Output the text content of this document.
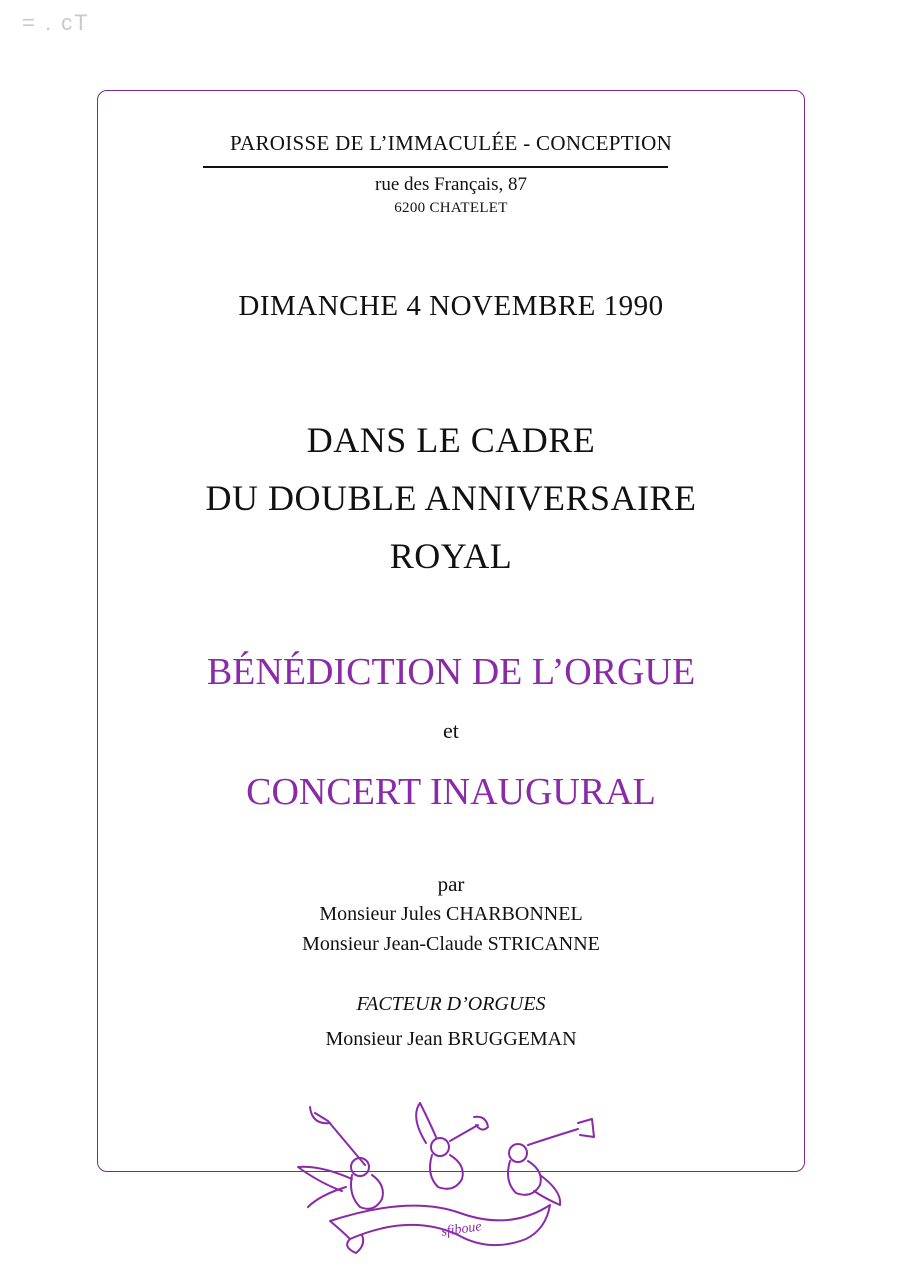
= . cT
PAROISSE DE L’IMMACULÉE - CONCEPTION
rue des Français, 87
6200 CHATELET
DIMANCHE 4 NOVEMBRE 1990
DANS LE CADRE
DU DOUBLE ANNIVERSAIRE
ROYAL
BÉNÉDICTION DE L’ORGUE
et
CONCERT INAUGURAL
par
Monsieur Jules CHARBONNEL
Monsieur Jean-Claude STRICANNE
FACTEUR D’ORGUES
Monsieur Jean BRUGGEMAN
sfiboue
